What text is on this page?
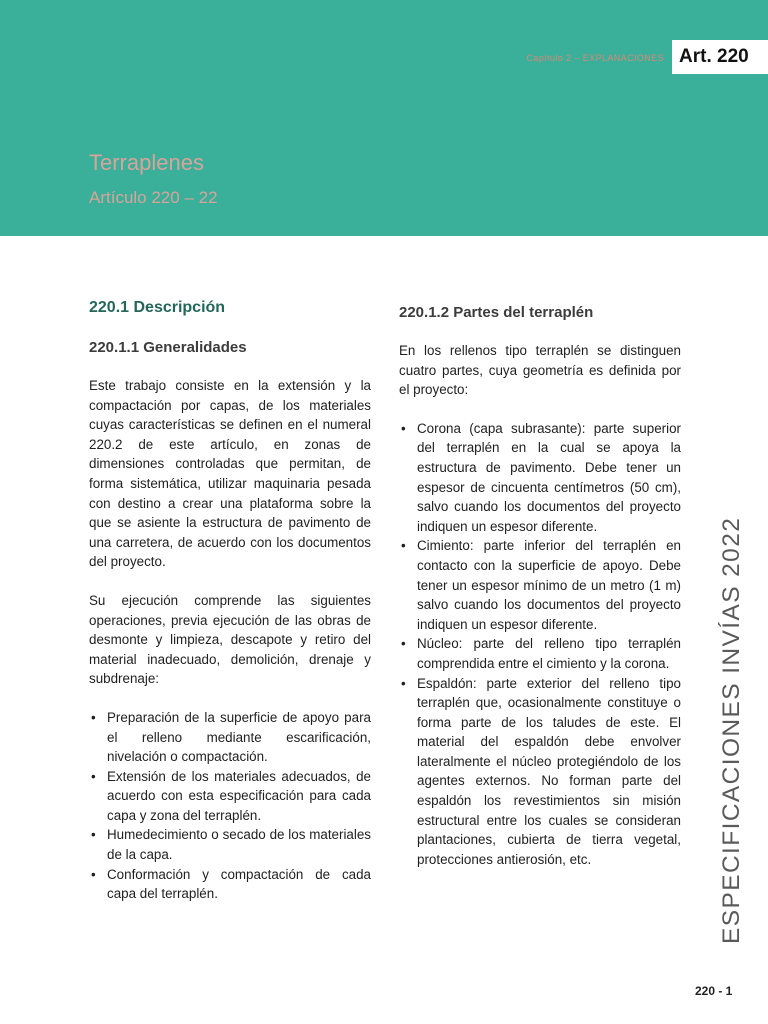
Capítulo 2 – EXPLANACIONES Art. 220
Terraplenes
Artículo 220 – 22
220.1 Descripción
220.1.1 Generalidades

Este trabajo consiste en la extensión y la compactación por capas, de los materiales cuyas características se definen en el numeral 220.2 de este artículo, en zonas de dimensiones controladas que permitan, de forma sistemática, utilizar maquinaria pesada con destino a crear una plataforma sobre la que se asiente la estructura de pavimento de una carretera, de acuerdo con los documentos del proyecto.

Su ejecución comprende las siguientes operaciones, previa ejecución de las obras de desmonte y limpieza, descapote y retiro del material inadecuado, demolición, drenaje y subdrenaje:

• Preparación de la superficie de apoyo para el relleno mediante escarificación, nivelación o compactación.
• Extensión de los materiales adecuados, de acuerdo con esta especificación para cada capa y zona del terraplén.
• Humedecimiento o secado de los materiales de la capa.
• Conformación y compactación de cada capa del terraplén.
220.1.2 Partes del terraplén

En los rellenos tipo terraplén se distinguen cuatro partes, cuya geometría es definida por el proyecto:

• Corona (capa subrasante): parte superior del terraplén en la cual se apoya la estructura de pavimento. Debe tener un espesor de cincuenta centímetros (50 cm), salvo cuando los documentos del proyecto indiquen un espesor diferente.
• Cimiento: parte inferior del terraplén en contacto con la superficie de apoyo. Debe tener un espesor mínimo de un metro (1 m) salvo cuando los documentos del proyecto indiquen un espesor diferente.
• Núcleo: parte del relleno tipo terraplén comprendida entre el cimiento y la corona.
• Espaldón: parte exterior del relleno tipo terraplén que, ocasionalmente constituye o forma parte de los taludes de este. El material del espaldón debe envolver lateralmente el núcleo protegiéndolo de los agentes externos. No forman parte del espaldón los revestimientos sin misión estructural entre los cuales se consideran plantaciones, cubierta de tierra vegetal, protecciones antierosión, etc.	ESPECIFICACIONES INVÍAS 2022
220 - 1
